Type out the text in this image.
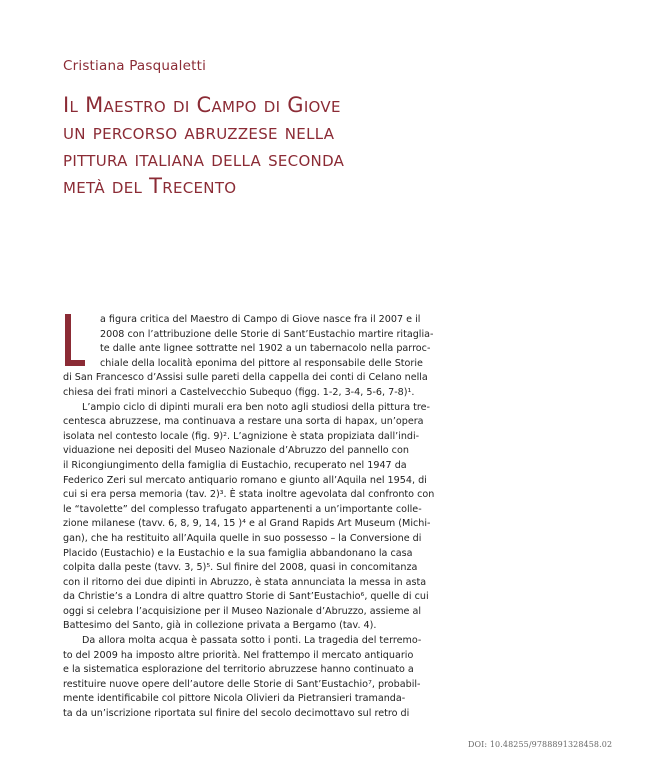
Cristiana Pasqualetti
Il Maestro di Campo di Giove
un percorso abruzzese nella
pittura italiana della seconda
metà del Trecento
a figura critica del Maestro di Campo di Giove nasce fra il 2007 e il
2008 con l’attribuzione delle Storie di Sant’Eustachio martire ritaglia-
te dalle ante lignee sottratte nel 1902 a un tabernacolo nella parroc-
chiale della località eponima del pittore al responsabile delle Storie
di San Francesco d’Assisi sulle pareti della cappella dei conti di Celano nella
chiesa dei frati minori a Castelvecchio Subequo (figg. 1-2, 3-4, 5-6, 7-8)¹.
L’ampio ciclo di dipinti murali era ben noto agli studiosi della pittura tre-
centesca abruzzese, ma continuava a restare una sorta di hapax, un’opera
isolata nel contesto locale (fig. 9)². L’agnizione è stata propiziata dall’indi-
viduazione nei depositi del Museo Nazionale d’Abruzzo del pannello con
il Ricongiungimento della famiglia di Eustachio, recuperato nel 1947 da
Federico Zeri sul mercato antiquario romano e giunto all’Aquila nel 1954, di
cui si era persa memoria (tav. 2)³. È stata inoltre agevolata dal confronto con
le “tavolette” del complesso trafugato appartenenti a un’importante colle-
zione milanese (tavv. 6, 8, 9, 14, 15 )⁴ e al Grand Rapids Art Museum (Michi-
gan), che ha restituito all’Aquila quelle in suo possesso – la Conversione di
Placido (Eustachio) e la Eustachio e la sua famiglia abbandonano la casa
colpita dalla peste (tavv. 3, 5)⁵. Sul finire del 2008, quasi in concomitanza
con il ritorno dei due dipinti in Abruzzo, è stata annunciata la messa in asta
da Christie’s a Londra di altre quattro Storie di Sant’Eustachio⁶, quelle di cui
oggi si celebra l’acquisizione per il Museo Nazionale d’Abruzzo, assieme al
Battesimo del Santo, già in collezione privata a Bergamo (tav. 4).
Da allora molta acqua è passata sotto i ponti. La tragedia del terremo-
to del 2009 ha imposto altre priorità. Nel frattempo il mercato antiquario
e la sistematica esplorazione del territorio abruzzese hanno continuato a
restituire nuove opere dell’autore delle Storie di Sant’Eustachio⁷, probabil-
mente identificabile col pittore Nicola Olivieri da Pietransieri tramanda-
ta da un’iscrizione riportata sul finire del secolo decimottavo sul retro di
DOI: 10.48255/9788891328458.02
